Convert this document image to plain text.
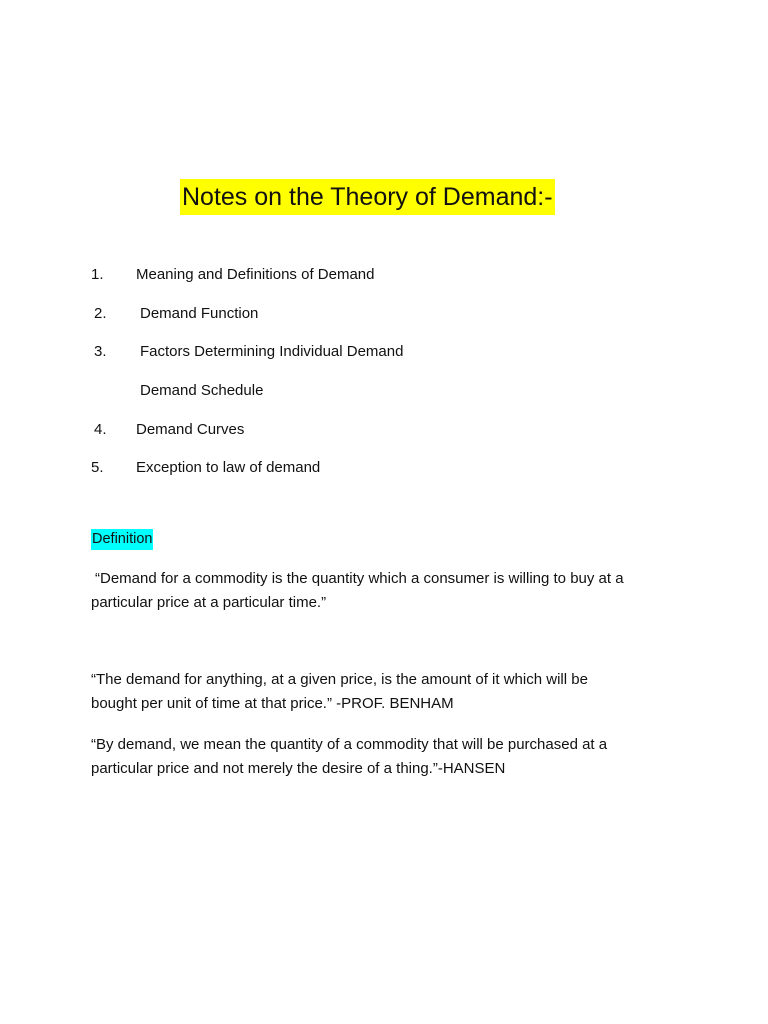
Notes on the Theory of Demand:-
1. Meaning and Definitions of Demand
2. Demand Function
3. Factors Determining Individual Demand
Demand Schedule
4. Demand Curves
5. Exception to law of demand
Definition
“Demand for a commodity is the quantity which a consumer is willing to buy at a
particular price at a particular time.”
“The demand for anything, at a given price, is the amount of it which will be
bought per unit of time at that price.” -PROF. BENHAM
“By demand, we mean the quantity of a commodity that will be purchased at a
particular price and not merely the desire of a thing.”-HANSEN
